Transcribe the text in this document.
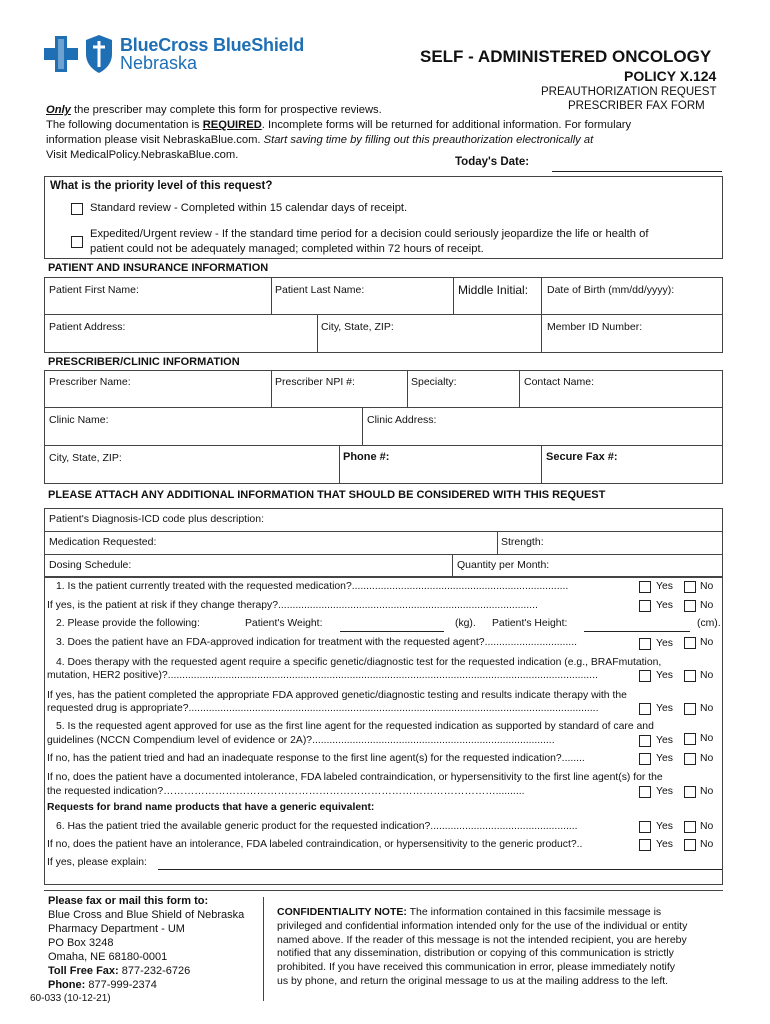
BlueCross BlueShield
Nebraska	SELF - ADMINISTERED ONCOLOGY
POLICY X.124
PREAUTHORIZATION REQUEST
PRESCRIBER FAX FORM
Only the prescriber may complete this form for prospective reviews.
The following documentation is REQUIRED. Incomplete forms will be returned for additional information. For formulary
information please visit NebraskaBlue.com. Start saving time by filling out this preauthorization electronically at
Visit MedicalPolicy.NebraskaBlue.com.
Today's Date:
What is the priority level of this request?
Standard review - Completed within 15 calendar days of receipt.
Expedited/Urgent review - If the standard time period for a decision could seriously jeopardize the life or health of
patient could not be adequately managed; completed within 72 hours of receipt.
PATIENT AND INSURANCE INFORMATION
Patient First Name:	Patient Last Name:	Middle Initial: Date of Birth (mm/dd/yyyy):
Patient Address:	City, State, ZIP:	Member ID Number:
PRESCRIBER/CLINIC INFORMATION
Prescriber Name:	Prescriber NPI #:	Specialty:	Contact Name:
Clinic Name:	Clinic Address:
City, State, ZIP:	Phone #:	Secure Fax #:
PLEASE ATTACH ANY ADDITIONAL INFORMATION THAT SHOULD BE CONSIDERED WITH THIS REQUEST
Patient's Diagnosis-ICD code plus description:
Medication Requested:	Strength:
Dosing Schedule:	Quantity per Month:
1. Is the patient currently treated with the requested medication?...........................................................................	Yes	No
If yes, is the patient at risk if they change therapy?..........................................................................................	Yes	No
2. Please provide the following:	Patient's Weight:	(kg). Patient's Height:	(cm).
3. Does the patient have an FDA-approved indication for treatment with the requested agent?................................	Yes	No
4. Does therapy with the requested agent require a specific genetic/diagnostic test for the requested indication (e.g., BRAFmutation,
mutation, HER2 positive)?.....................................................................................................................................................	Yes	No
If yes, has the patient completed the appropriate FDA approved genetic/diagnostic testing and results indicate therapy with the
requested drug is appropriate?..............................................................................................................................................	Yes	No
5. Is the requested agent approved for use as the first line agent for the requested indication as supported by standard of care and
guidelines (NCCN Compendium level of evidence or 2A)?....................................................................................	Yes	No
If no, has the patient tried and had an inadequate response to the first line agent(s) for the requested indication?........	Yes	No
If no, does the patient have a documented intolerance, FDA labeled contraindication, or hypersensitivity to the first line agent(s) for the
the requested indication?……………………………………………………………………………………..........	Yes	No
Requests for brand name products that have a generic equivalent:
6. Has the patient tried the available generic product for the requested indication?...................................................	Yes	No
If no, does the patient have an intolerance, FDA labeled contraindication, or hypersensitivity to the generic product?..	Yes	No
If yes, please explain:
Please fax or mail this form to:
Blue Cross and Blue Shield of Nebraska
Pharmacy Department - UM
PO Box 3248
Omaha, NE 68180-0001
Toll Free Fax: 877-232-6726
Phone: 877-999-2374
60-033 (10-12-21)
CONFIDENTIALITY NOTE: The information contained in this facsimile message is
privileged and confidential information intended only for the use of the individual or entity
named above. If the reader of this message is not the intended recipient, you are hereby
notified that any dissemination, distribution or copying of this communication is strictly
prohibited. If you have received this communication in error, please immediately notify
us by phone, and return the original message to us at the mailing address to the left.
